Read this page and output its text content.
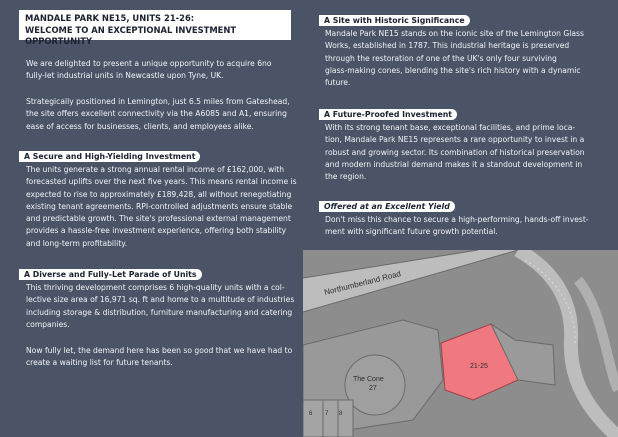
MANDALE PARK NE15, UNITS 21-26:
WELCOME TO AN EXCEPTIONAL INVESTMENT OPPORTUNITY
We are delighted to present a unique opportunity to acquire 6no
fully-let industrial units in Newcastle upon Tyne, UK.
Strategically positioned in Lemington, just 6.5 miles from Gateshead,
the site offers excellent connectivity via the A6085 and A1, ensuring
ease of access for businesses, clients, and employees alike.
A Secure and High-Yielding Investment
The units generate a strong annual rental income of £162,000, with
forecasted uplifts over the next five years. This means rental income is
expected to rise to approximately £189,428, all without renegotiating
existing tenant agreements. RPI-controlled adjustments ensure stable
and predictable growth. The site's professional external management
provides a hassle-free investment experience, offering both stability
and long-term profitability.
A Diverse and Fully-Let Parade of Units
This thriving development comprises 6 high-quality units with a col-
lective size area of 16,971 sq. ft and home to a multitude of industries
including storage & distribution, furniture manufacturing and catering
companies.
Now fully let, the demand here has been so good that we have had to
create a waiting list for future tenants.
A Site with Historic Significance
Mandale Park NE15 stands on the iconic site of the Lemington Glass
Works, established in 1787. This industrial heritage is preserved
through the restoration of one of the UK's only four surviving
glass-making cones, blending the site's rich history with a dynamic
future.
A Future-Proofed Investment
With its strong tenant base, exceptional facilities, and prime loca-
tion, Mandale Park NE15 represents a rare opportunity to invest in a
robust and growing sector. Its combination of historical preservation
and modern industrial demand makes it a standout development in
the region.
Offered at an Excellent Yield
Don't miss this chance to secure a high-performing, hands-off invest-
ment with significant future growth potential.
Northumberland Road
The Cone
27
21-25
6 7 8
